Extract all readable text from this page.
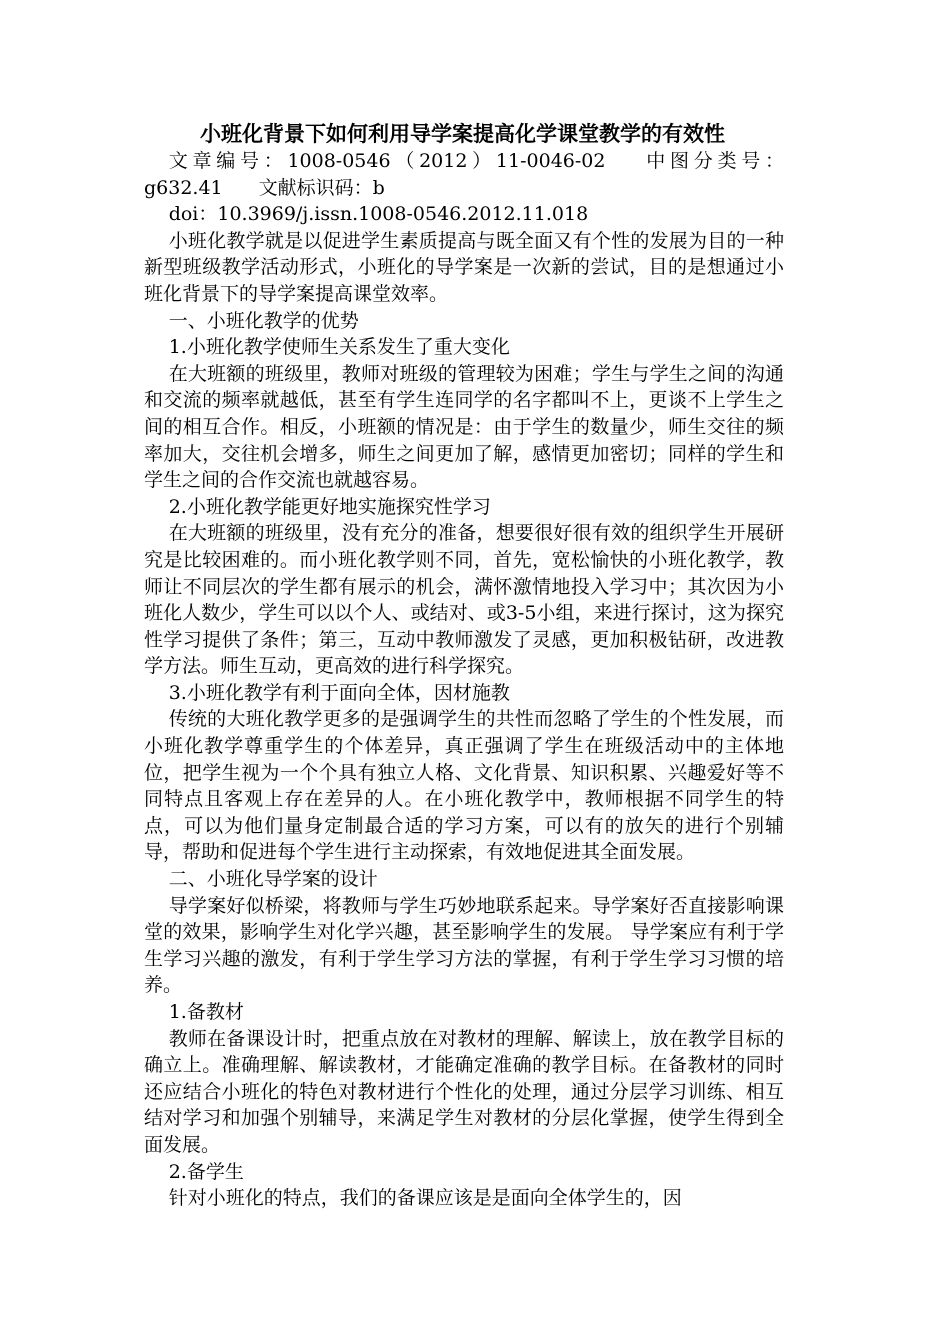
小班化背景下如何利用导学案提高化学课堂教学的有效性

文章编号：1008-0546（2012）11-0046-02 中图分类号：g632.41 文献标识码：b

doi：10.3969/j.issn.1008-0546.2012.11.018

小班化教学就是以促进学生素质提高与既全面又有个性的发展为目的一种新型班级教学活动形式，小班化的导学案是一次新的尝试，目的是想通过小班化背景下的导学案提高课堂效率。

一、小班化教学的优势

1.小班化教学使师生关系发生了重大变化

在大班额的班级里，教师对班级的管理较为困难；学生与学生之间的沟通和交流的频率就越低，甚至有学生连同学的名字都叫不上，更谈不上学生之间的相互合作。相反，小班额的情况是：由于学生的数量少，师生交往的频率加大，交往机会增多，师生之间更加了解，感情更加密切；同样的学生和学生之间的合作交流也就越容易。

2.小班化教学能更好地实施探究性学习

在大班额的班级里，没有充分的准备，想要很好很有效的组织学生开展研究是比较困难的。而小班化教学则不同，首先，宽松愉快的小班化教学，教师让不同层次的学生都有展示的机会，满怀激情地投入学习中；其次因为小班化人数少，学生可以以个人、或结对、或3-5小组，来进行探讨，这为探究性学习提供了条件；第三，互动中教师激发了灵感，更加积极钻研，改进教学方法。师生互动，更高效的进行科学探究。

3.小班化教学有利于面向全体，因材施教

传统的大班化教学更多的是强调学生的共性而忽略了学生的个性发展，而小班化教学尊重学生的个体差异，真正强调了学生在班级活动中的主体地位，把学生视为一个个具有独立人格、文化背景、知识积累、兴趣爱好等不同特点且客观上存在差异的人。在小班化教学中，教师根据不同学生的特点，可以为他们量身定制最合适的学习方案，可以有的放矢的进行个别辅导，帮助和促进每个学生进行主动探索，有效地促进其全面发展。

二、小班化导学案的设计

导学案好似桥梁，将教师与学生巧妙地联系起来。导学案好否直接影响课堂的效果，影响学生对化学兴趣，甚至影响学生的发展。 导学案应有利于学生学习兴趣的激发，有利于学生学习方法的掌握，有利于学生学习习惯的培养。

1.备教材

教师在备课设计时，把重点放在对教材的理解、解读上，放在教学目标的确立上。准确理解、解读教材，才能确定准确的教学目标。在备教材的同时还应结合小班化的特色对教材进行个性化的处理，通过分层学习训练、相互结对学习和加强个别辅导，来满足学生对教材的分层化掌握，使学生得到全面发展。

2.备学生

针对小班化的特点，我们的备课应该是是面向全体学生的，因
